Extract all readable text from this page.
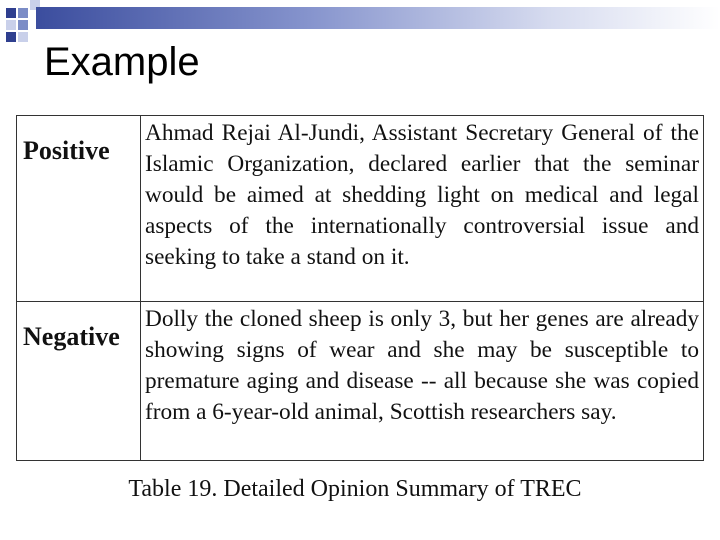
Example
Positive
Ahmad Rejai Al-Jundi, Assistant Secretary General of the Islamic Organization, declared earlier that the seminar would be aimed at shedding light on medical and legal aspects of the internationally controversial issue and seeking to take a stand on it.
Negative
Dolly the cloned sheep is only 3, but her genes are already showing signs of wear and she may be susceptible to premature aging and disease -- all because she was copied from a 6-year-old animal, Scottish researchers say.
Table 19. Detailed Opinion Summary of TREC
